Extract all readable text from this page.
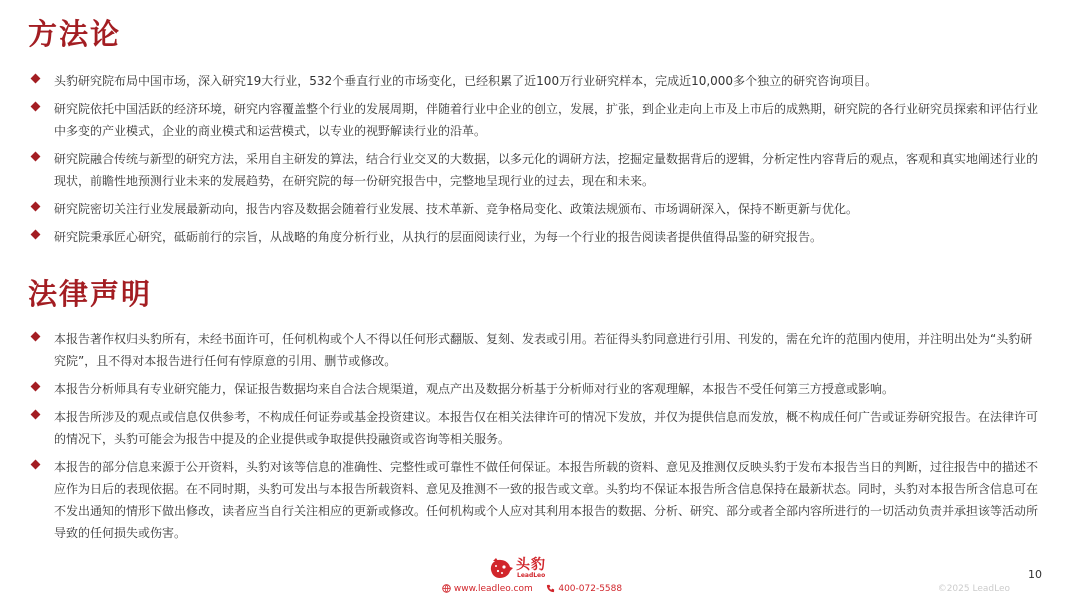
方法论
头豹研究院布局中国市场，深入研究19大行业，532个垂直行业的市场变化，已经积累了近100万行业研究样本，完成近10,000多个独立的研究咨询项目。
研究院依托中国活跃的经济环境，研究内容覆盖整个行业的发展周期，伴随着行业中企业的创立，发展，扩张，到企业走向上市及上市后的成熟期，研究院的各行业研究员探索和评估行业中多变的产业模式，企业的商业模式和运营模式，以专业的视野解读行业的沿革。
研究院融合传统与新型的研究方法，采用自主研发的算法，结合行业交叉的大数据，以多元化的调研方法，挖掘定量数据背后的逻辑，分析定性内容背后的观点，客观和真实地阐述行业的现状，前瞻性地预测行业未来的发展趋势，在研究院的每一份研究报告中，完整地呈现行业的过去，现在和未来。
研究院密切关注行业发展最新动向，报告内容及数据会随着行业发展、技术革新、竞争格局变化、政策法规颁布、市场调研深入，保持不断更新与优化。
研究院秉承匠心研究，砥砺前行的宗旨，从战略的角度分析行业，从执行的层面阅读行业，为每一个行业的报告阅读者提供值得品鉴的研究报告。
法律声明
本报告著作权归头豹所有，未经书面许可，任何机构或个人不得以任何形式翻版、复刻、发表或引用。若征得头豹同意进行引用、刊发的，需在允许的范围内使用，并注明出处为“头豹研究院”，且不得对本报告进行任何有悖原意的引用、删节或修改。
本报告分析师具有专业研究能力，保证报告数据均来自合法合规渠道，观点产出及数据分析基于分析师对行业的客观理解，本报告不受任何第三方授意或影响。
本报告所涉及的观点或信息仅供参考，不构成任何证券或基金投资建议。本报告仅在相关法律许可的情况下发放，并仅为提供信息而发放，概不构成任何广告或证券研究报告。在法律许可的情况下，头豹可能会为报告中提及的企业提供或争取提供投融资或咨询等相关服务。
本报告的部分信息来源于公开资料，头豹对该等信息的准确性、完整性或可靠性不做任何保证。本报告所载的资料、意见及推测仅反映头豹于发布本报告当日的判断，过往报告中的描述不应作为日后的表现依据。在不同时期，头豹可发出与本报告所载资料、意见及推测不一致的报告或文章。头豹均不保证本报告所含信息保持在最新状态。同时，头豹对本报告所含信息可在不发出通知的情形下做出修改，读者应当自行关注相应的更新或修改。任何机构或个人应对其利用本报告的数据、分析、研究、部分或者全部内容所进行的一切活动负责并承担该等活动所导致的任何损失或伤害。
头豹
LeadLeo
www.leadleo.com	400-072-5588
10
©2025 LeadLeo
